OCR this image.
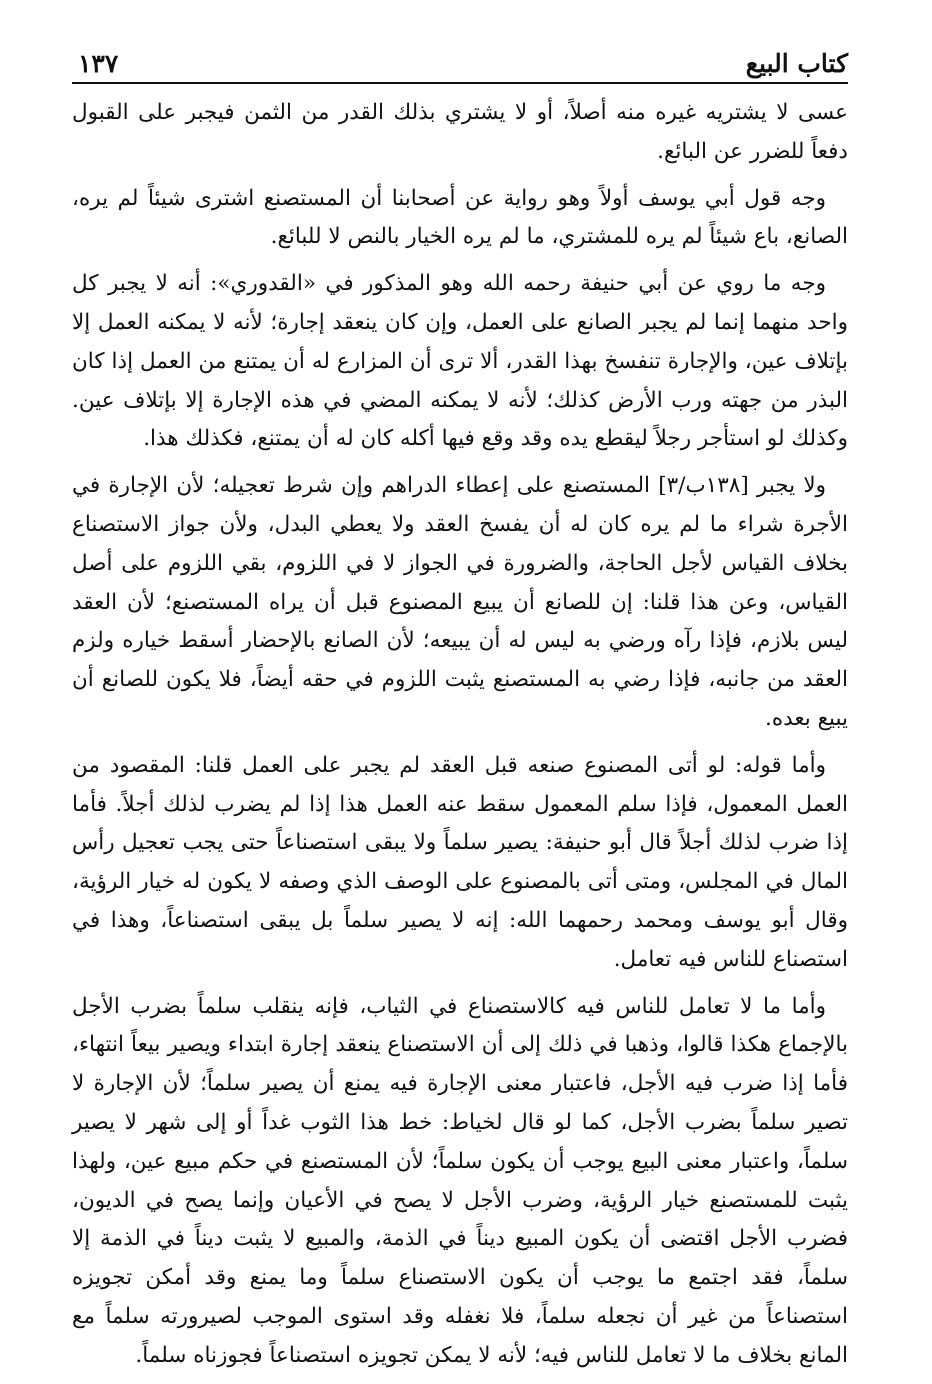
كتاب البيع
١٣٧

عسى لا يشتريه غيره منه أصلاً، أو لا يشتري بذلك القدر من الثمن فيجبر على القبول دفعاً للضرر عن البائع.

وجه قول أبي يوسف أولاً وهو رواية عن أصحابنا أن المستصنع اشترى شيئاً لم يره، الصانع، باع شيئاً لم يره للمشتري، ما لم يره الخيار بالنص لا للبائع.

وجه ما روي عن أبي حنيفة رحمه الله وهو المذكور في «القدوري»: أنه لا يجبر كل واحد منهما إنما لم يجبر الصانع على العمل، وإن كان ينعقد إجارة؛ لأنه لا يمكنه العمل إلا بإتلاف عين، والإجارة تنفسخ بهذا القدر، ألا ترى أن المزارع له أن يمتنع من العمل إذا كان البذر من جهته ورب الأرض كذلك؛ لأنه لا يمكنه المضي في هذه الإجارة إلا بإتلاف عين. وكذلك لو استأجر رجلاً ليقطع يده وقد وقع فيها أكله كان له أن يمتنع، فكذلك هذا.

ولا يجبر [١٣٨ب/٣] المستصنع على إعطاء الدراهم وإن شرط تعجيله؛ لأن الإجارة في الأجرة شراء ما لم يره كان له أن يفسخ العقد ولا يعطي البدل، ولأن جواز الاستصناع بخلاف القياس لأجل الحاجة، والضرورة في الجواز لا في اللزوم، بقي اللزوم على أصل القياس، وعن هذا قلنا: إن للصانع أن يبيع المصنوع قبل أن يراه المستصنع؛ لأن العقد ليس بلازم، فإذا رآه ورضي به ليس له أن يبيعه؛ لأن الصانع بالإحضار أسقط خياره ولزم العقد من جانبه، فإذا رضي به المستصنع يثبت اللزوم في حقه أيضاً، فلا يكون للصانع أن يبيع بعده.

وأما قوله: لو أتى المصنوع صنعه قبل العقد لم يجبر على العمل قلنا: المقصود من العمل المعمول، فإذا سلم المعمول سقط عنه العمل هذا إذا لم يضرب لذلك أجلاً. فأما إذا ضرب لذلك أجلاً قال أبو حنيفة: يصير سلماً ولا يبقى استصناعاً حتى يجب تعجيل رأس المال في المجلس، ومتى أتى بالمصنوع على الوصف الذي وصفه لا يكون له خيار الرؤية، وقال أبو يوسف ومحمد رحمهما الله: إنه لا يصير سلماً بل يبقى استصناعاً، وهذا في استصناع للناس فيه تعامل.

وأما ما لا تعامل للناس فيه كالاستصناع في الثياب، فإنه ينقلب سلماً بضرب الأجل بالإجماع هكذا قالوا، وذهبا في ذلك إلى أن الاستصناع ينعقد إجارة ابتداء ويصير بيعاً انتهاء، فأما إذا ضرب فيه الأجل، فاعتبار معنى الإجارة فيه يمنع أن يصير سلماً؛ لأن الإجارة لا تصير سلماً بضرب الأجل، كما لو قال لخياط: خط هذا الثوب غداً أو إلى شهر لا يصير سلماً، واعتبار معنى البيع يوجب أن يكون سلماً؛ لأن المستصنع في حكم مبيع عين، ولهذا يثبت للمستصنع خيار الرؤية، وضرب الأجل لا يصح في الأعيان وإنما يصح في الديون، فضرب الأجل اقتضى أن يكون المبيع ديناً في الذمة، والمبيع لا يثبت ديناً في الذمة إلا سلماً، فقد اجتمع ما يوجب أن يكون الاستصناع سلماً وما يمنع وقد أمكن تجويزه استصناعاً من غير أن نجعله سلماً، فلا نغفله وقد استوى الموجب لصيرورته سلماً مع المانع بخلاف ما لا تعامل للناس فيه؛ لأنه لا يمكن تجويزه استصناعاً فجوزناه سلماً.
